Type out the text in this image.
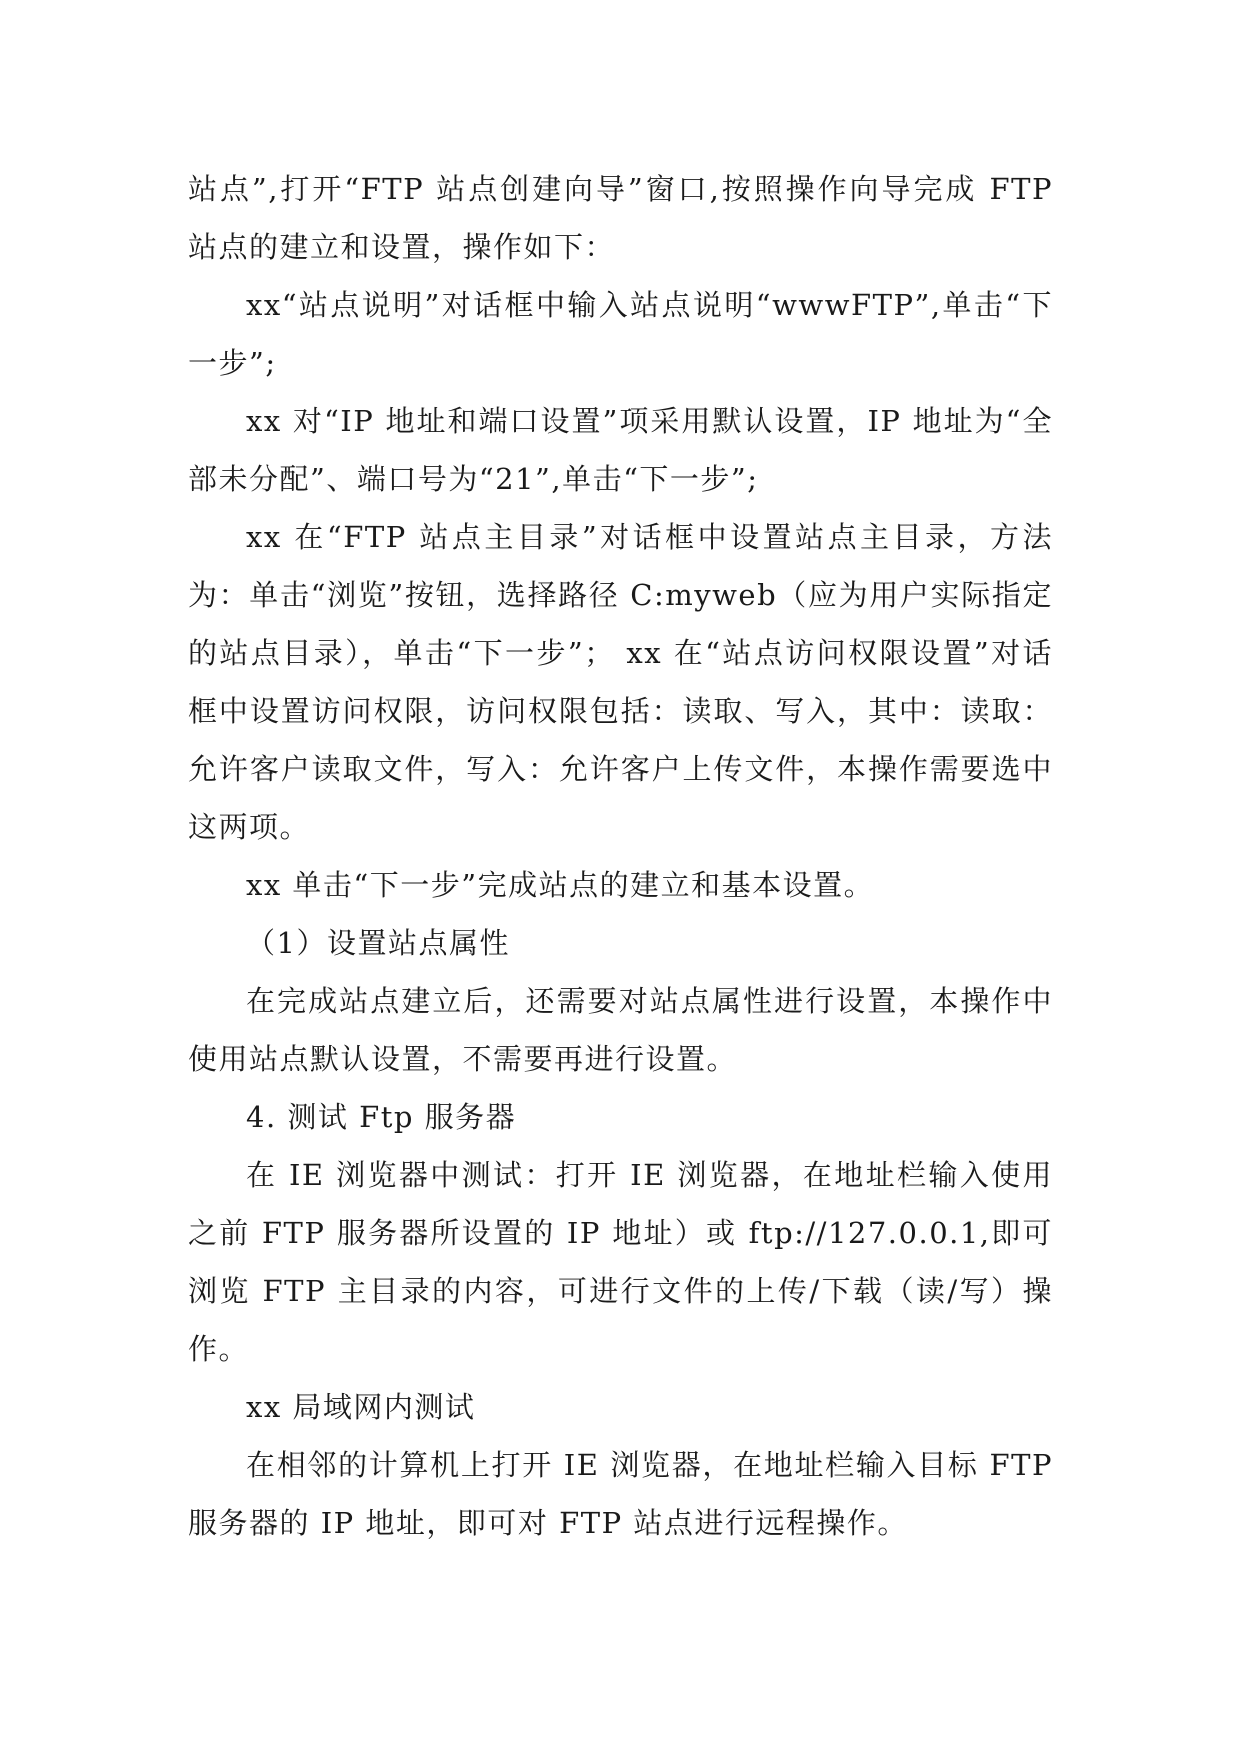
站点”,打开“FTP 站点创建向导”窗口,按照操作向导完成 FTP 站点的建立和设置，操作如下：

xx“站点说明”对话框中输入站点说明“wwwFTP”,单击“下一步”;

xx 对“IP 地址和端口设置”项采用默认设置，IP 地址为“全部未分配”、端口号为“21”,单击“下一步”;

xx 在“FTP 站点主目录”对话框中设置站点主目录，方法为：单击“浏览”按钮，选择路径 C:myweb（应为用户实际指定的站点目录），单击“下一步”； xx 在“站点访问权限设置”对话框中设置访问权限，访问权限包括：读取、写入，其中：读取：允许客户读取文件，写入：允许客户上传文件，本操作需要选中这两项。

xx 单击“下一步”完成站点的建立和基本设置。

（1）设置站点属性

在完成站点建立后，还需要对站点属性进行设置，本操作中使用站点默认设置，不需要再进行设置。

4. 测试 Ftp 服务器

在 IE 浏览器中测试：打开 IE 浏览器，在地址栏输入使用之前 FTP 服务器所设置的 IP 地址）或 ftp://127.0.0.1,即可浏览 FTP 主目录的内容，可进行文件的上传/下载（读/写）操作。

xx 局域网内测试

在相邻的计算机上打开 IE 浏览器，在地址栏输入目标 FTP 服务器的 IP 地址，即可对 FTP 站点进行远程操作。
